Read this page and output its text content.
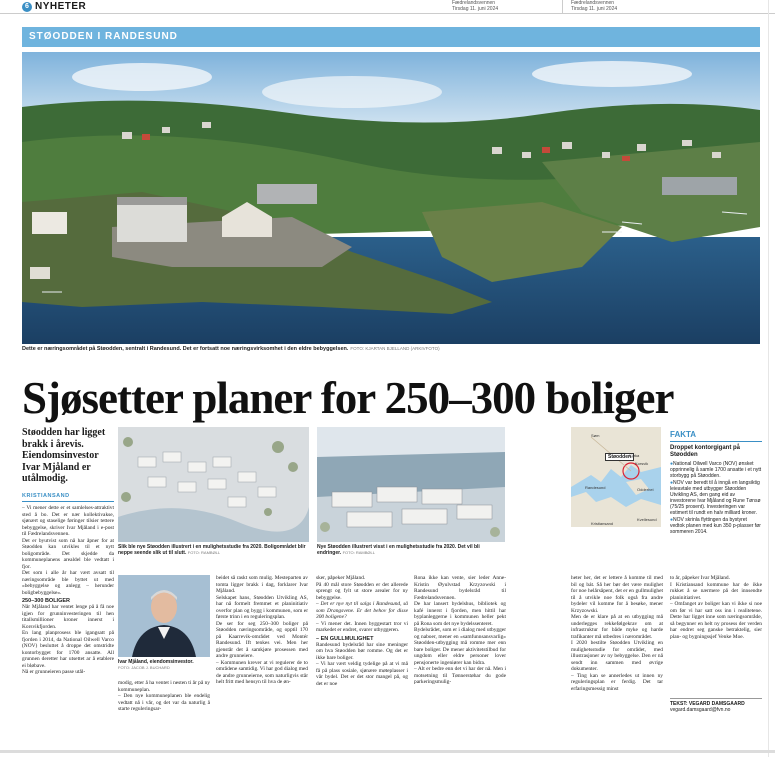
6 NYHETER	Fædrelandsvennen
Tirsdag 11. juni 2024
Fædrelandsvennen
Tirsdag 11. juni 2024
STØODDEN I RANDESUND
Dette er næringsområdet på Støodden, sentralt i Randesund. Det er fortsatt noe næringsvirksomhet i den eldre bebyggelsen. FOTO: KJARTAN BJELLAND (ARKIVFOTO)
Sjøsetter planer for 250–300 boliger
Støodden har ligget brakk i årevis. Eiendomsinvestor Ivar Mjåland er utålmodig.
KRISTIANSAND

– Vi mener dette er et samlelses-attraktivt sted å bo. Det er nær kollektivakse, sjønært og staselige føringer tilsier tettere bebyggelse, skriver Ivar Mjåland i e-post til Fædrelandsvennen.

Det er byutvist som nå har åpner for at Støodden kan utvikles til et nytt boligområde. Det skjedde da kommuneplanens arealdel ble vedtatt i fjor.

Det som i alle år har vært avsatt til næringsområde ble byttet ut med «bebyggelse og anlegg – herunder boligbebyggelse».

250–300 BOLIGER

Når Mjåland har ventet lenge på å få noe igjen for grunninvesteringen til hen titallsmillioner kroner innerst i Korsvikfjorden.

En lang planprosess ble igangsatt på fjorden i 2014, da National Oilwell Varco (NOV) besluttet å droppe det omstridte kontorbygget for 1700 ansatte. All grunnen deretter har utsettet ar å etablere ei bløbave.

Nå er grunneieren passe utål-

Slik ble nye Støodden illustrert i en mulighetsstudie fra 2020. Boligområdet blir neppe seende slik ut til slutt. FOTO: RAMBØLL
Nye Støodden illustrert visst i en mulighetsstudie fra 2020. Det vil bli endringer. FOTO: RAMBØLL
Ivar Mjåland, eiendomsinvestor.
FOTO: JACOB J. BUCHARD

modig, etter å ha ventet i nesten ti år på ny kommuneplan.

– Den nye kommuneplanen ble endelig vedtatt nå i vår, og det var da naturlig å starte reguleringsar-

beidet så raskt som mulig. Mesteparten av tomta ligger brakk i dag, forklarer Ivar Mjåland.

Selskapet hans, Støodden Utvikling AS, har nå formelt fremmet et planinitiativ overfor plan og bygg i kommunen, som er første trinn i en reguleringsplan.

De ser for seg 250–300 boliger på Støodden næringsområde, og opptil 170 på Kaarrevik-området ved Montér Randesund. Ift tenkes vei. Men her gjenstår det å samkjøre prosessen med andre grunneiere.

– Kommunen krever at vi regulerer de to områdene samtidig. Vi har god dialog med de andre grunneierne, som naturligvis står helt fritt med hensyn til hva de øn-

sker, påpeker Mjåland.

På 40 mål store Støodden er det allerede sprengt og fylt ut store arealer for ny bebyggelse.

– Det er nye nyt til salgs i Randesund, så som Drangsvene. Er det behov for disse 300 boligene?

– Vi mener det. Innen byggestart tror vi markedet er endret, svarer utbyggeren.

– EN GULLMULIGHET

Randesund bydelsråd har sine meninger om hva Støodden bør romme. Og det er ikke bare boliger.

– Vi har vært veldig tydelige på at vi må få på plass sosiale, sjønære møteplasser i vår bydel. Det er det stor mangel på, og det er noe

Rona ikke kan vente, sier leder Anne-Kristin Øyulvstad Krzyzowski i Randesund bydelsråd til Fædrelandsvennen.

De har lansert bydelshus, bibliotek og kafé innerst i fjorden, men hittil har byplanleggerne i kommunen heller pekt på Rona som det nye bydelssenteret.

Bydelsrådet, som er i dialog med utbygger og naboer, mener en «samfunnsansvarlig» Støodden-utbygging må romme mer enn bare boliger. De mener aktivitetstilbud for ungdom eller eldre personer lover pensjonerte ingeniører kan bidra.

– Alt er bedre enn det vi har der nå. Men i motsetning til Tønnerstøhar du gode parkeringsmulig-

heter her, det er lettere å komme til med bil og bát. Så her bør det være mulighet for noe helårsåpent, det er en gullmulighet til å utvikle noe folk også fra andre bydeler vil komme for å besøke, mener Krzyzowski.

Men de er klare på at en utbygging må underlegges rekkefølgekrav om at infrastruktur for både myke og harde trafikanter må utbedres i nærområdet.

I 2020 bestilte Støodden Utvikling en mulighetsstudie for området, med illustrasjoner av ny bebyggelse. Den er nå sendt inn sammen med øvrige dokumenter.

– Ting kan se annerledes ut innen ny reguleringsplan er ferdig. Det tar erfaringsmessig minst

to år, påpeker Ivar Mjåland.

I Kristiansand kommune har de ikke rukket å se nærmere på det innsendte planinitiativet.

– Omfanget av boliger kan vi ikke si noe om før vi har satt oss inn i realitetene. Dette har ligget inne som næringsområde, så begynner en helt ny prosess der verden har endret seg ganske betraktelig, sier plan- og bygningssjef Venke Moe.

Søm
Støodden
Korsvik
Kjøka
Randesund	Odderhei
Kristiansand
Kvellesund
FAKTA
Droppet kontorgigant på Støodden
● National Oilwell Varco (NOV) ønsket opprinnelig å samle 1700 ansatte i et nytt storbygg på Støodden.
● NOV var beredt til å inngå en langsiktig leieavtale med utbygger Støodden Utvikling AS, den gang eid av investorene Ivar Mjåland og Rune Tønsø (75/25 prosent). Investeringen var estimert til rundt en halv milliard kroner.
● NOV skrinla flyttingen da bystyret vedtok planen med kun 350 p-plasser før sommeren 2014.
TEKST: VEGARD DAMSGAARD
vegard.damsgaard@fvn.no
